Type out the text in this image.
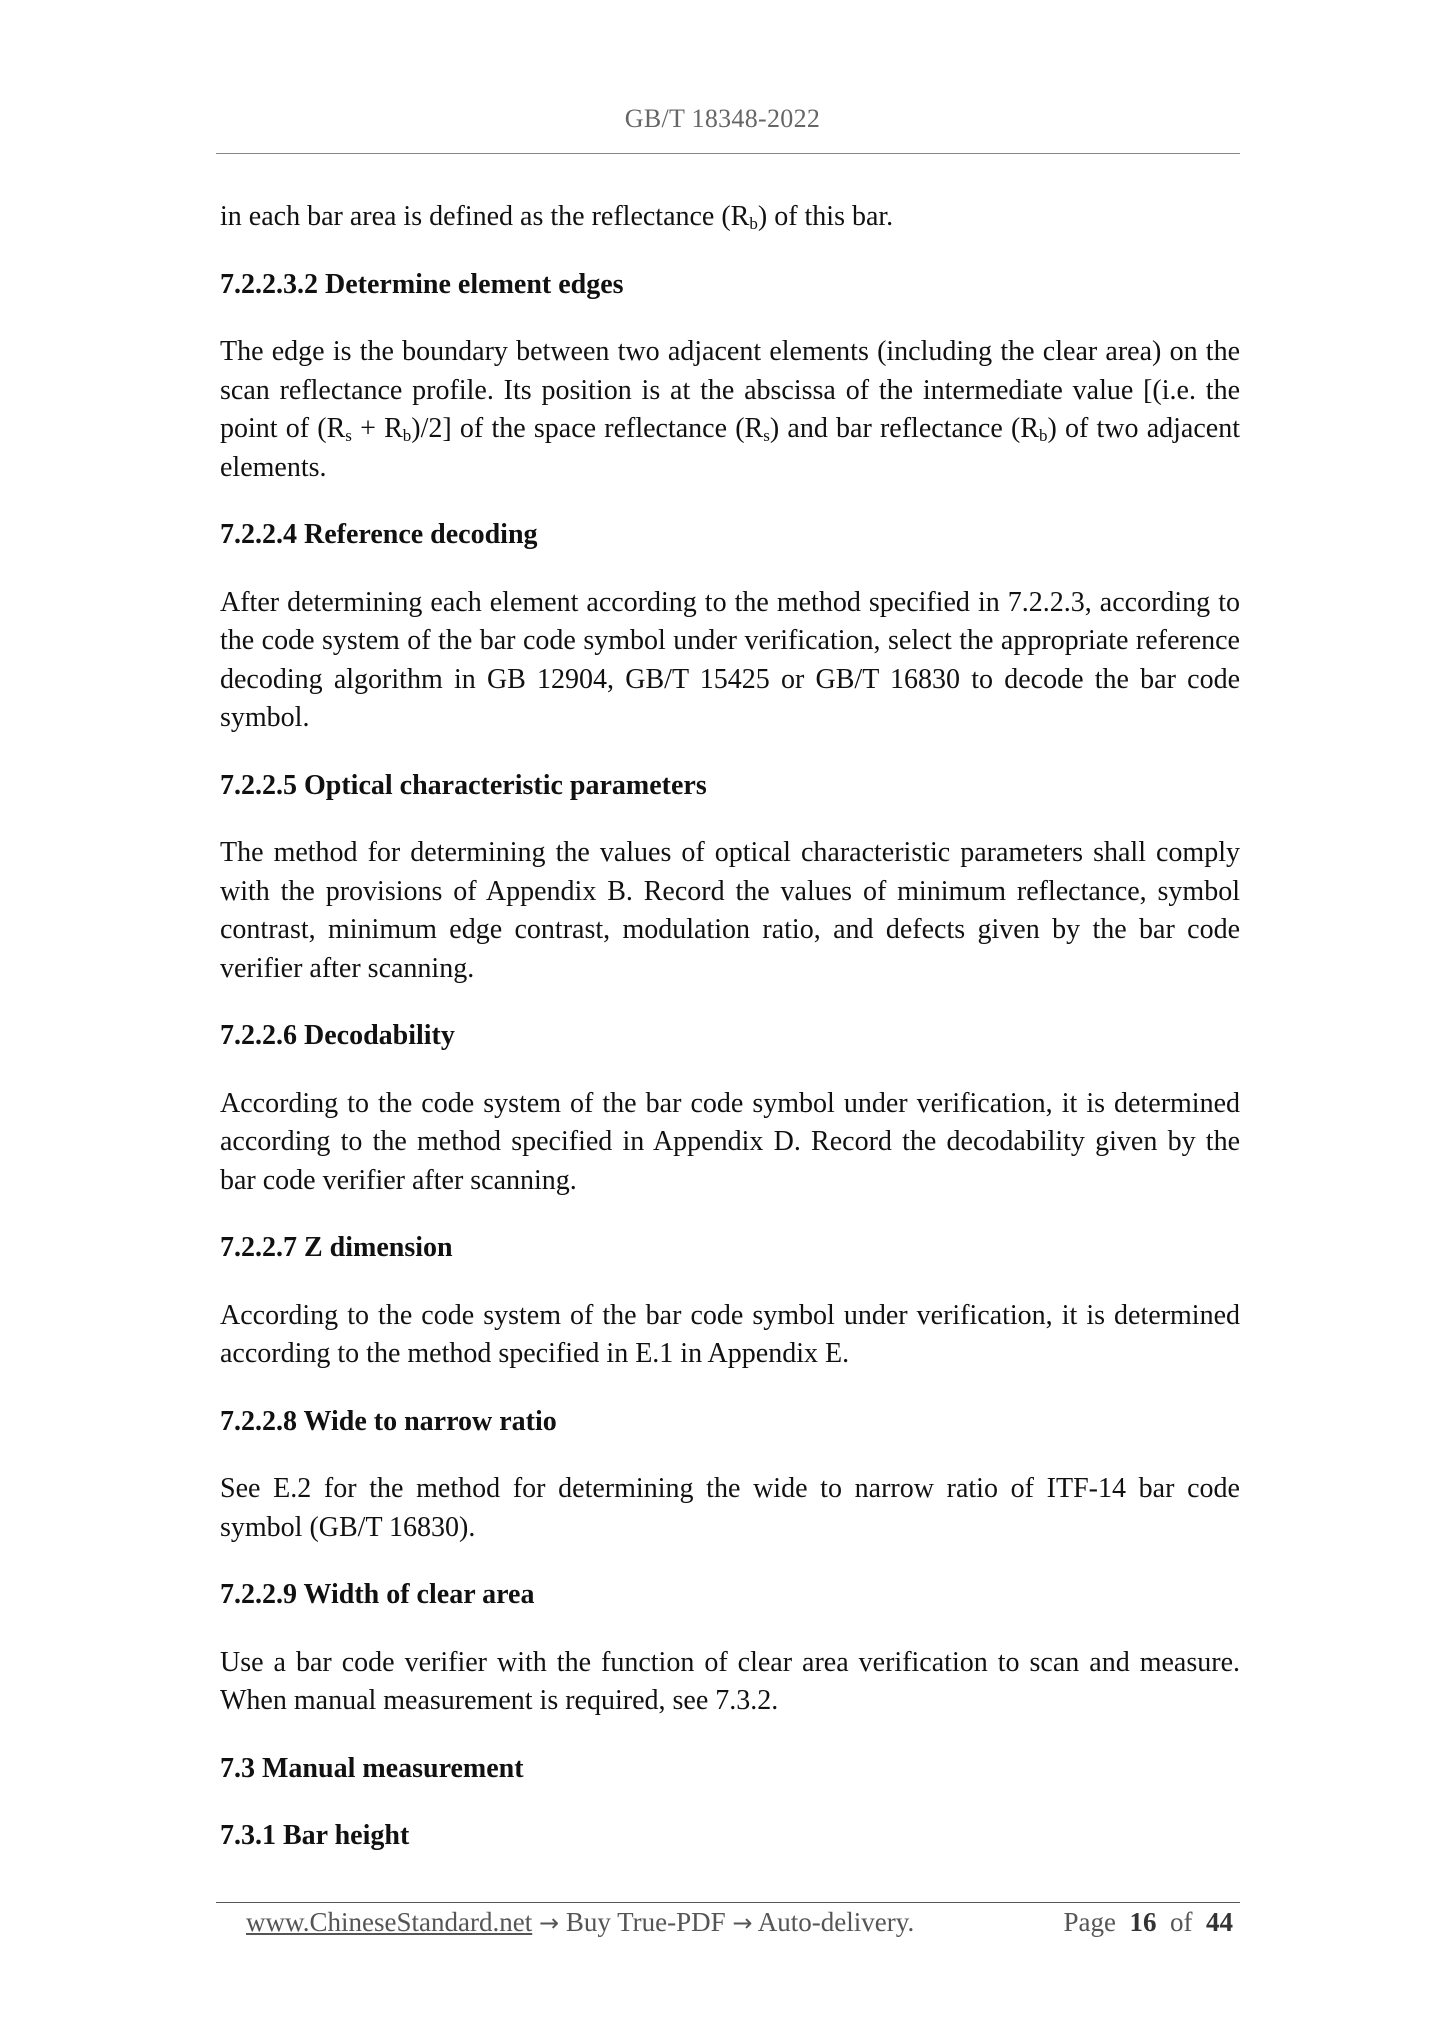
GB/T 18348-2022

in each bar area is defined as the reflectance $(R_b)$ of this bar.

7.2.2.3.2 Determine element edges

The edge is the boundary between two adjacent elements (including the clear area) on the scan reflectance profile. Its position is at the abscissa of the intermediate value [(i.e. the point of $(R_s + R_b)/2$] of the space reflectance $(R_s)$ and bar reflectance $(R_b)$ of two adjacent elements.

7.2.2.4 Reference decoding

After determining each element according to the method specified in 7.2.2.3, according to the code system of the bar code symbol under verification, select the appropriate reference decoding algorithm in GB 12904, GB/T 15425 or GB/T 16830 to decode the bar code symbol.

7.2.2.5 Optical characteristic parameters

The method for determining the values of optical characteristic parameters shall comply with the provisions of Appendix B. Record the values of minimum reflectance, symbol contrast, minimum edge contrast, modulation ratio, and defects given by the bar code verifier after scanning.

7.2.2.6 Decodability

According to the code system of the bar code symbol under verification, it is determined according to the method specified in Appendix D. Record the decodability given by the bar code verifier after scanning.

7.2.2.7 Z dimension

According to the code system of the bar code symbol under verification, it is determined according to the method specified in E.1 in Appendix E.

7.2.2.8 Wide to narrow ratio

See E.2 for the method for determining the wide to narrow ratio of ITF-14 bar code symbol (GB/T 16830).

7.2.2.9 Width of clear area

Use a bar code verifier with the function of clear area verification to scan and measure. When manual measurement is required, see 7.3.2.

7.3 Manual measurement
7.3.1 Bar height
www.ChineseStandard.net → Buy True-PDF → Auto-delivery.	Page 16 of 44
